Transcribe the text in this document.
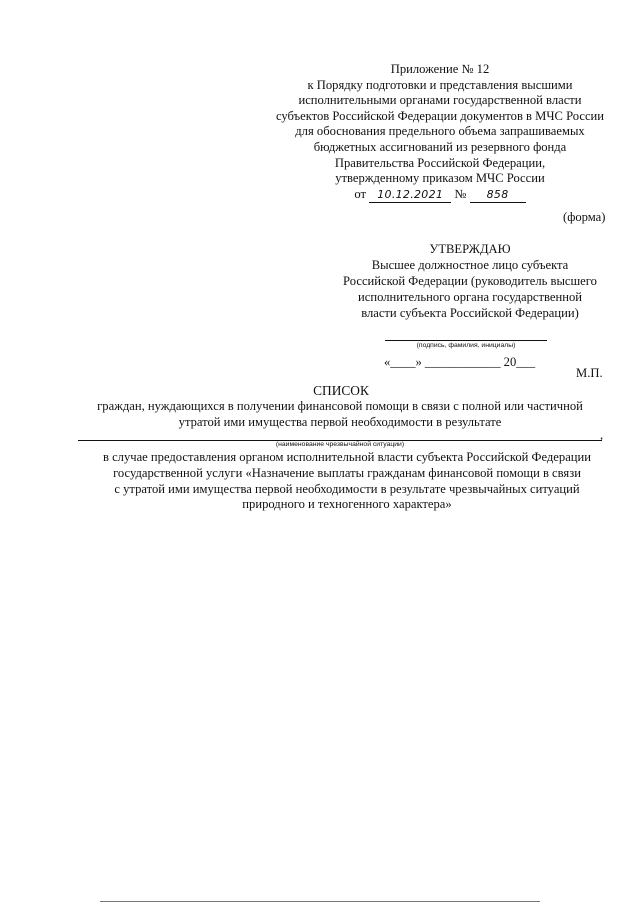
Приложение № 12
к Порядку подготовки и представления высшими
исполнительными органами государственной власти
субъектов Российской Федерации документов в МЧС России
для обоснования предельного объема запрашиваемых
бюджетных ассигнований из резервного фонда
Правительства Российской Федерации,
утвержденному приказом МЧС России
от 10.12.2021 № 858
(форма)
УТВЕРЖДАЮ
Высшее должностное лицо субъекта
Российской Федерации (руководитель высшего
исполнительного органа государственной
власти субъекта Российской Федерации)
(подпись, фамилия, инициалы)
«____» ____________ 20___
М.П.
СПИСОК
граждан, нуждающихся в получении финансовой помощи в связи с полной или частичной
утратой ими имущества первой необходимости в результате
,
(наименование чрезвычайной ситуации)
в случае предоставления органом исполнительной власти субъекта Российской Федерации
государственной услуги «Назначение выплаты гражданам финансовой помощи в связи
с утратой ими имущества первой необходимости в результате чрезвычайных ситуаций
природного и техногенного характера»
